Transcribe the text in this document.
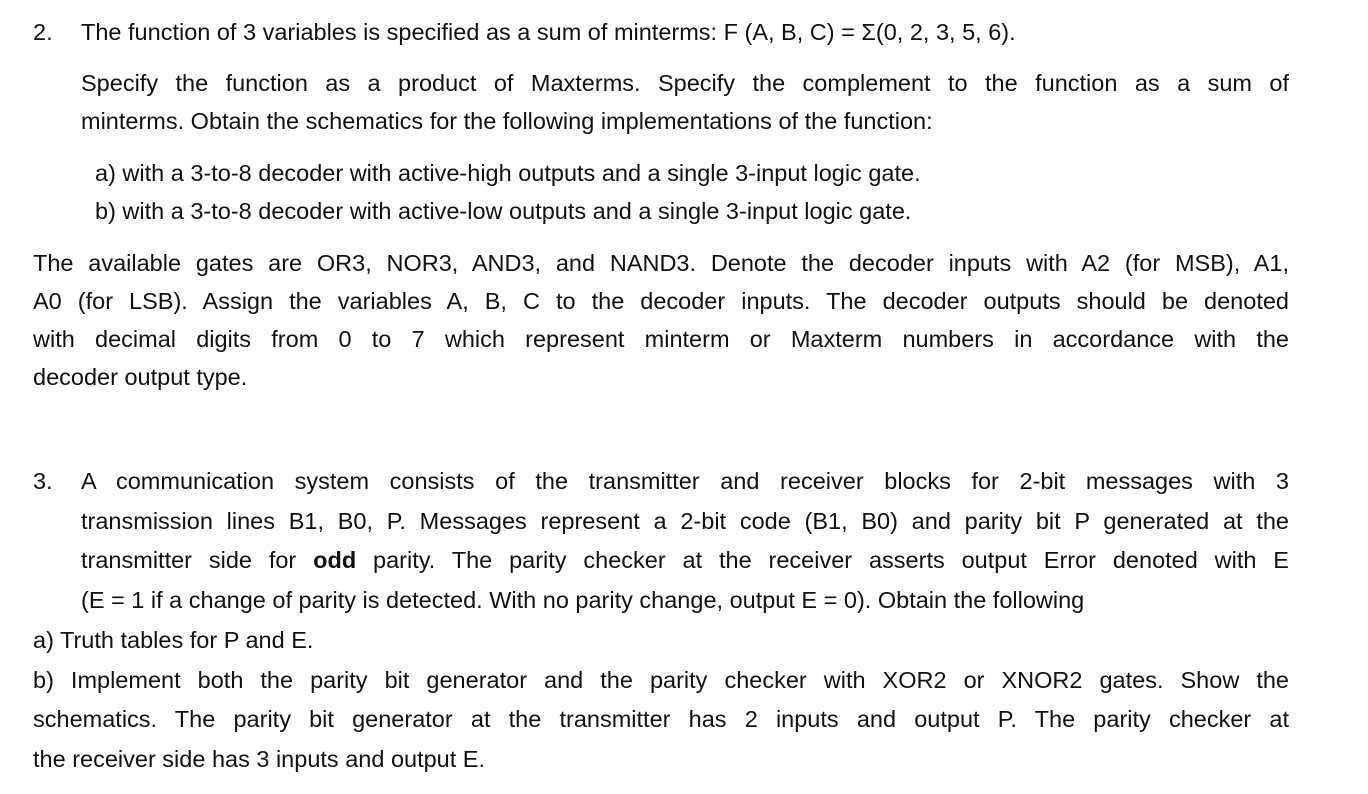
2. The function of 3 variables is specified as a sum of minterms: F (A, B, C) = Σ(0, 2, 3, 5, 6).
Specify the function as a product of Maxterms. Specify the complement to the function as a sum of
minterms. Obtain the schematics for the following implementations of the function:
a) with a 3-to-8 decoder with active-high outputs and a single 3-input logic gate.
b) with a 3-to-8 decoder with active-low outputs and a single 3-input logic gate.
The available gates are OR3, NOR3, AND3, and NAND3. Denote the decoder inputs with A2 (for MSB), A1,
A0 (for LSB). Assign the variables A, B, C to the decoder inputs. The decoder outputs should be denoted
with decimal digits from 0 to 7 which represent minterm or Maxterm numbers in accordance with the
decoder output type.
3. A communication system consists of the transmitter and receiver blocks for 2-bit messages with 3
transmission lines B1, B0, P. Messages represent a 2-bit code (B1, B0) and parity bit P generated at the
transmitter side for odd parity. The parity checker at the receiver asserts output Error denoted with E
(E = 1 if a change of parity is detected. With no parity change, output E = 0). Obtain the following
a) Truth tables for P and E.
b) Implement both the parity bit generator and the parity checker with XOR2 or XNOR2 gates. Show the
schematics. The parity bit generator at the transmitter has 2 inputs and output P. The parity checker at
the receiver side has 3 inputs and output E.
